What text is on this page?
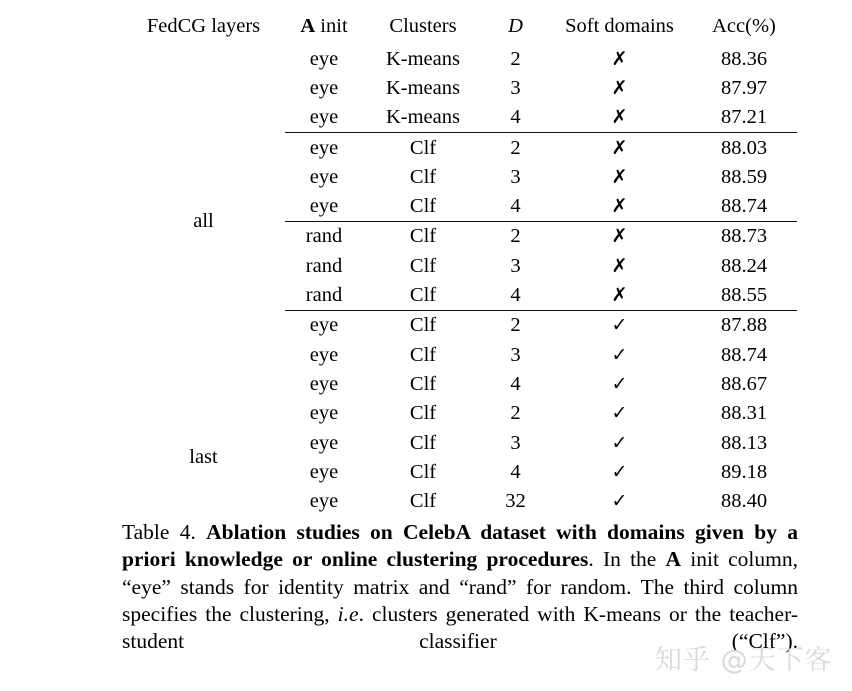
FedCG layers	A init	Clusters	D	Soft domains	Acc(%)
all	eye	K-means	2	✗	88.36
	eye	K-means	3	✗	87.97
	eye	K-means	4	✗	87.21
	eye	Clf	2	✗	88.03
	eye	Clf	3	✗	88.59
	eye	Clf	4	✗	88.74
	rand	Clf	2	✗	88.73
	rand	Clf	3	✗	88.24
	rand	Clf	4	✗	88.55
	eye	Clf	2	✓	87.88
	eye	Clf	3	✓	88.74
	eye	Clf	4	✓	88.67
last	eye	Clf	2	✓	88.31
	eye	Clf	3	✓	88.13
	eye	Clf	4	✓	89.18
	eye	Clf	32	✓	88.40

Table 4. Ablation studies on CelebA dataset with domains given by a priori knowledge or online clustering procedures. In the A init column, “eye” stands for identity matrix and “rand” for random. The third column specifies the clustering, i.e. clusters generated with K-means or the teacher-student classifier (“Clf”).
知乎 @天下客
